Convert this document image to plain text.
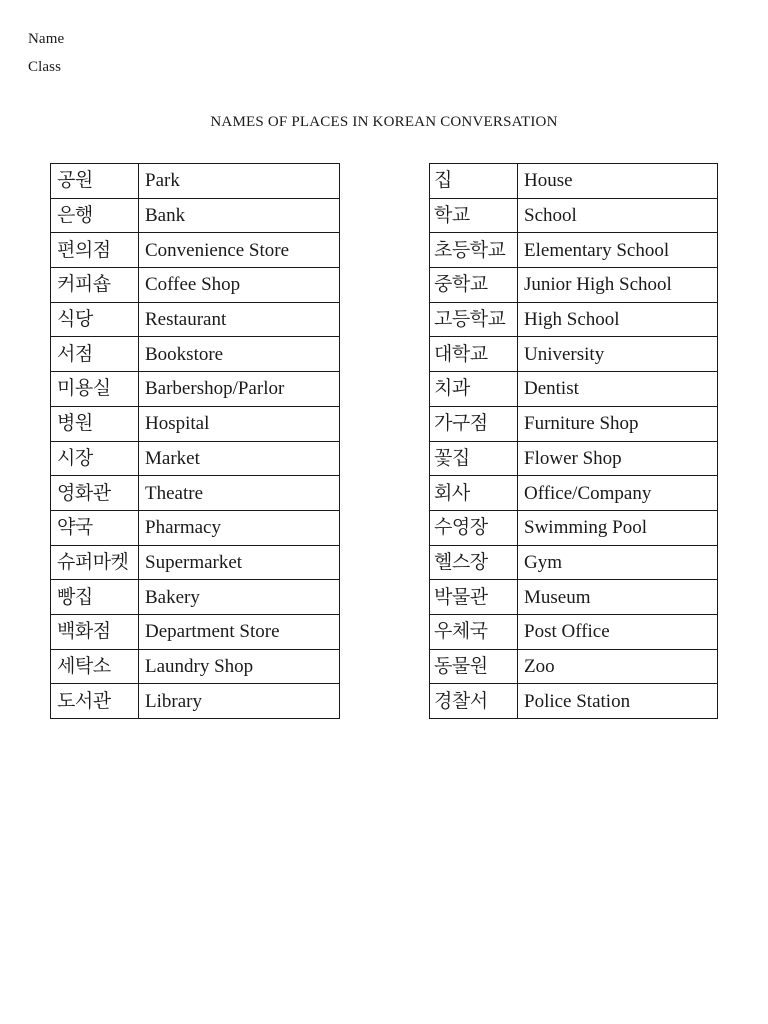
Name
Class
NAMES OF PLACES IN KOREAN CONVERSATION
공원	Park
은행	Bank
편의점	Convenience Store
커피숍	Coffee Shop
식당	Restaurant
서점	Bookstore
미용실	Barbershop/Parlor
병원	Hospital
시장	Market
영화관	Theatre
약국	Pharmacy
슈퍼마켓	Supermarket
빵집	Bakery
백화점	Department Store
세탁소	Laundry Shop
도서관	Library
집	House
학교	School
초등학교	Elementary School
중학교	Junior High School
고등학교	High School
대학교	University
치과	Dentist
가구점	Furniture Shop
꽃집	Flower Shop
회사	Office/Company
수영장	Swimming Pool
헬스장	Gym
박물관	Museum
우체국	Post Office
동물원	Zoo
경찰서	Police Station
